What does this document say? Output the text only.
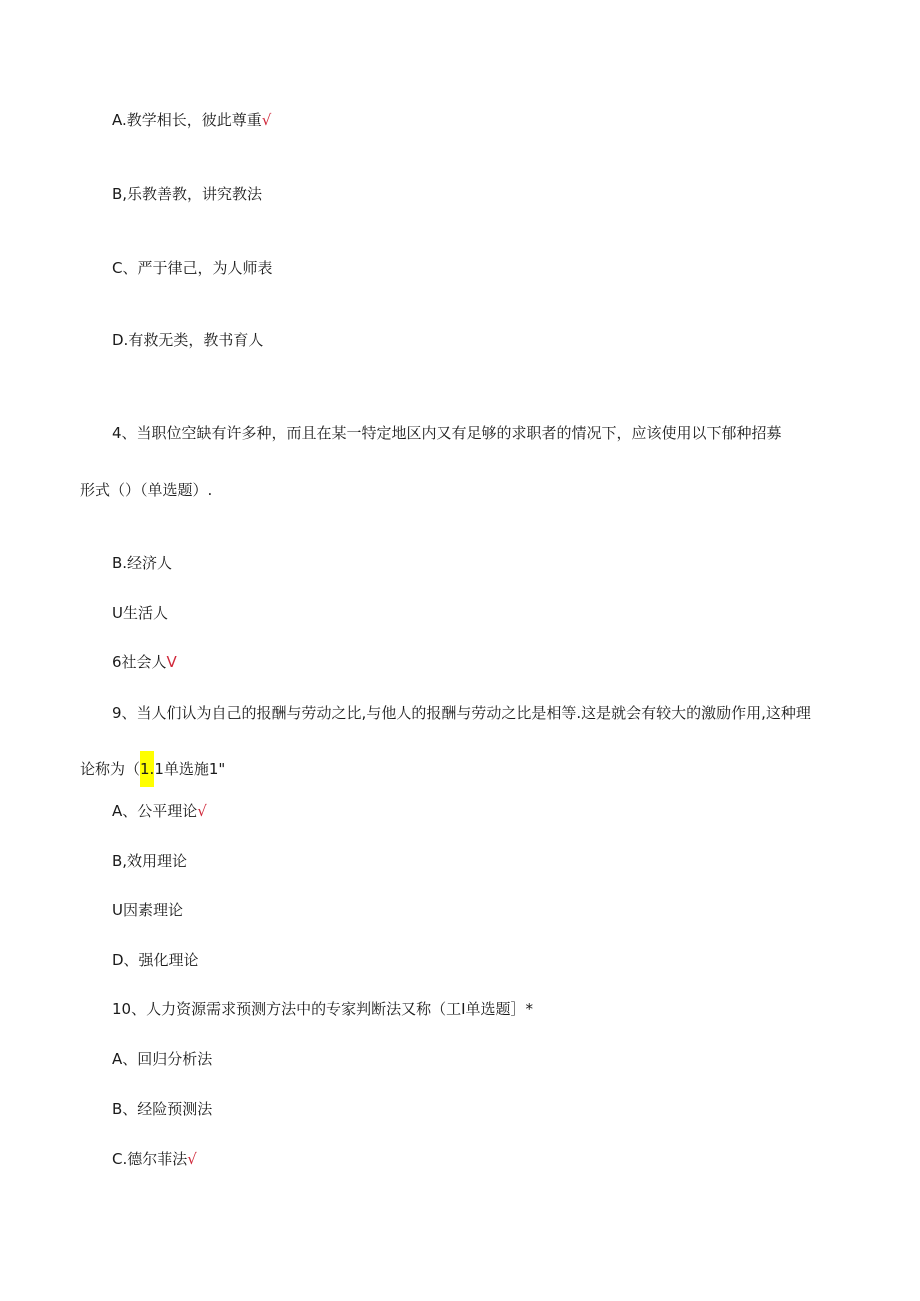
A.教学相长，彼此尊重√
B,乐教善教，讲究教法
C、严于律己，为人师表
D.有救无类，教书育人
4、当职位空缺有许多种，而且在某一特定地区内又有足够的求职者的情况下，应该使用以下郁种招募
形式（）（单选题）.
B.经济人
U生活人
6社会人V
9、当人们认为自己的报酬与劳动之比,与他人的报酬与劳动之比是相等.这是就会有较大的激励作用,这种理
论称为（1.1单选施1"
A、公平理论√
B,效用理论
U因素理论
D、强化理论
10、人力资源需求预测方法中的专家判断法又称（工I单选题］*
A、回归分析法
B、经险预测法
C.德尔菲法√
